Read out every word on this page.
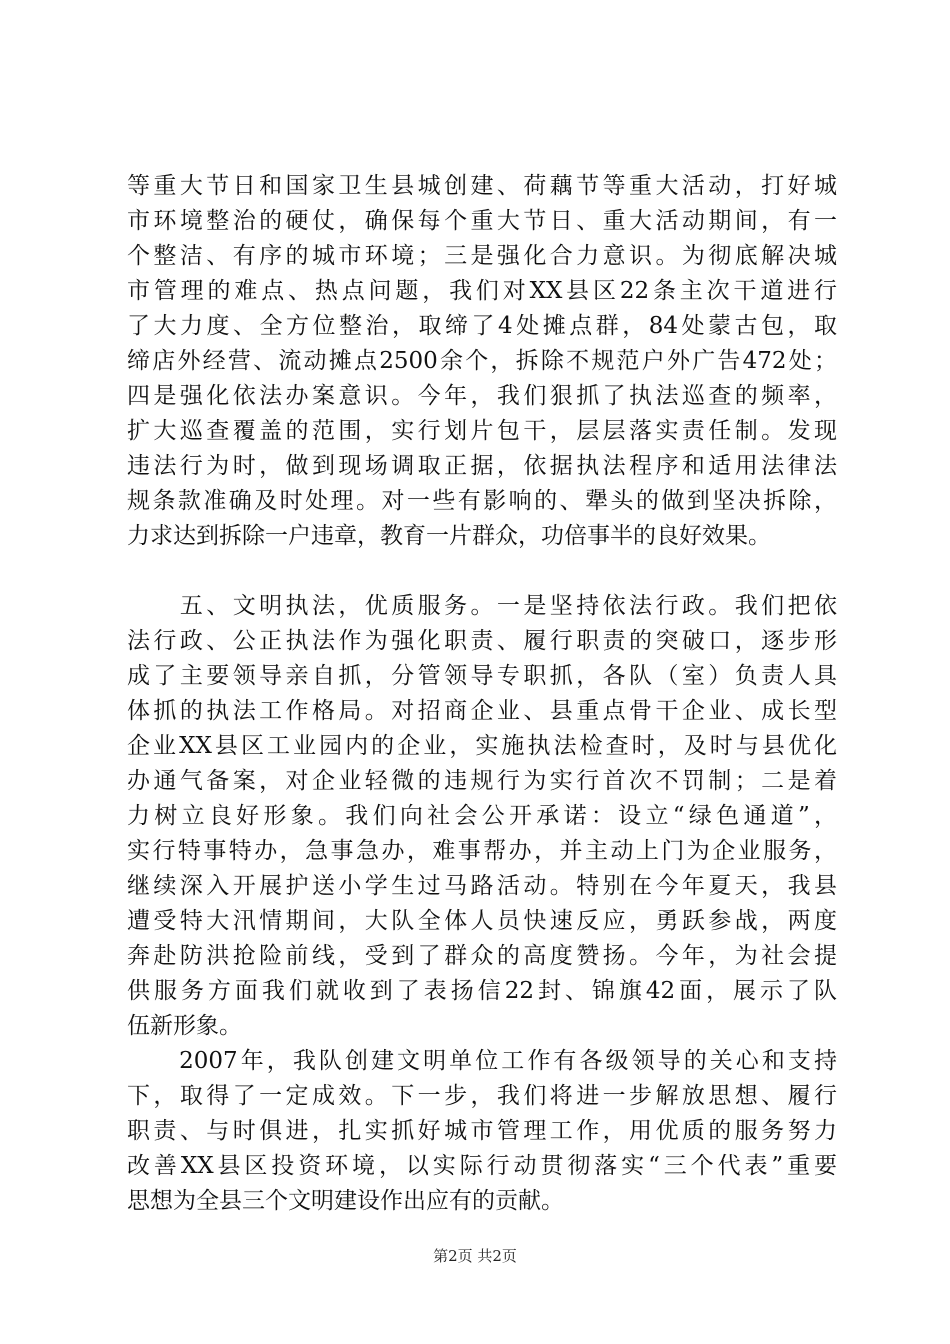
等重大节日和国家卫生县城创建、荷藕节等重大活动，打好城
市环境整治的硬仗，确保每个重大节日、重大活动期间，有一
个整洁、有序的城市环境；三是强化合力意识。为彻底解决城
市管理的难点、热点问题，我们对XX县区22条主次干道进行
了大力度、全方位整治，取缔了4处摊点群，84处蒙古包，取
缔店外经营、流动摊点2500余个，拆除不规范户外广告472处；
四是强化依法办案意识。今年，我们狠抓了执法巡查的频率，
扩大巡查覆盖的范围，实行划片包干，层层落实责任制。发现
违法行为时，做到现场调取正据，依据执法程序和适用法律法
规条款准确及时处理。对一些有影响的、犟头的做到坚决拆除，
力求达到拆除一户违章，教育一片群众，功倍事半的良好效果。
　　五、文明执法，优质服务。一是坚持依法行政。我们把依
法行政、公正执法作为强化职责、履行职责的突破口，逐步形
成了主要领导亲自抓，分管领导专职抓，各队（室）负责人具
体抓的执法工作格局。对招商企业、县重点骨干企业、成长型
企业XX县区工业园内的企业，实施执法检查时，及时与县优化
办通气备案，对企业轻微的违规行为实行首次不罚制；二是着
力树立良好形象。我们向社会公开承诺：设立“绿色通道”，
实行特事特办，急事急办，难事帮办，并主动上门为企业服务，
继续深入开展护送小学生过马路活动。特别在今年夏天，我县
遭受特大汛情期间，大队全体人员快速反应，勇跃参战，两度
奔赴防洪抢险前线，受到了群众的高度赞扬。今年，为社会提
供服务方面我们就收到了表扬信22封、锦旗42面，展示了队
伍新形象。
　　2007年，我队创建文明单位工作有各级领导的关心和支持
下，取得了一定成效。下一步，我们将进一步解放思想、履行
职责、与时俱进，扎实抓好城市管理工作，用优质的服务努力
改善XX县区投资环境，以实际行动贯彻落实“三个代表”重要
思想为全县三个文明建设作出应有的贡献。
第2页 共2页
